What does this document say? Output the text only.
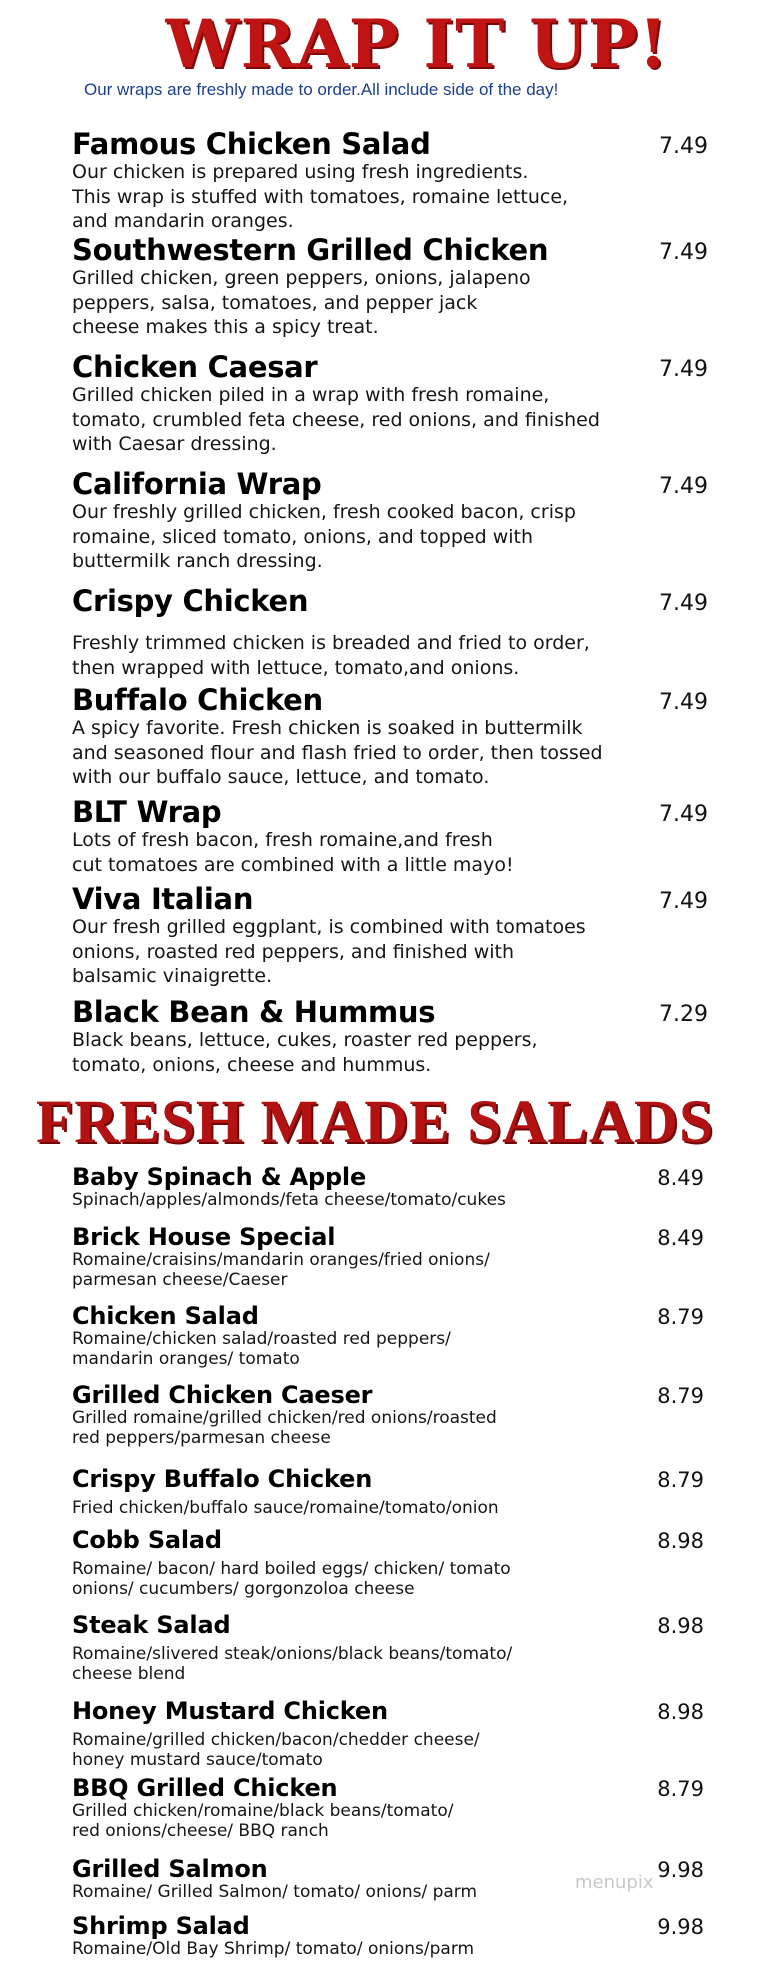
WRAP IT UP!
Our wraps are freshly made to order.All include side of the day!
Famous Chicken Salad	7.49
Our chicken is prepared using fresh ingredients.
This wrap is stuffed with tomatoes, romaine lettuce,
and mandarin oranges.
Southwestern Grilled Chicken	7.49
Grilled chicken, green peppers, onions, jalapeno
peppers, salsa, tomatoes, and pepper jack
cheese makes this a spicy treat.
Chicken Caesar	7.49
Grilled chicken piled in a wrap with fresh romaine,
tomato, crumbled feta cheese, red onions, and finished
with Caesar dressing.
California Wrap	7.49
Our freshly grilled chicken, fresh cooked bacon, crisp
romaine, sliced tomato, onions, and topped with
buttermilk ranch dressing.
Crispy Chicken	7.49
Freshly trimmed chicken is breaded and fried to order,
then wrapped with lettuce, tomato,and onions.
Buffalo Chicken	7.49
A spicy favorite. Fresh chicken is soaked in buttermilk
and seasoned flour and flash fried to order, then tossed
with our buffalo sauce, lettuce, and tomato.
BLT Wrap	7.49
Lots of fresh bacon, fresh romaine,and fresh
cut tomatoes are combined with a little mayo!
Viva Italian	7.49
Our fresh grilled eggplant, is combined with tomatoes
onions, roasted red peppers, and finished with
balsamic vinaigrette.
Black Bean & Hummus	7.29
Black beans, lettuce, cukes, roaster red peppers,
tomato, onions, cheese and hummus.
FRESH MADE SALADS
Baby Spinach & Apple	8.49
Spinach/apples/almonds/feta cheese/tomato/cukes
Brick House Special	8.49
Romaine/craisins/mandarin oranges/fried onions/
parmesan cheese/Caeser
Chicken Salad	8.79
Romaine/chicken salad/roasted red peppers/
mandarin oranges/ tomato
Grilled Chicken Caeser	8.79
Grilled romaine/grilled chicken/red onions/roasted
red peppers/parmesan cheese
Crispy Buffalo Chicken	8.79
Fried chicken/buffalo sauce/romaine/tomato/onion
Cobb Salad	8.98
Romaine/ bacon/ hard boiled eggs/ chicken/ tomato
onions/ cucumbers/ gorgonzoloa cheese
Steak Salad	8.98
Romaine/slivered steak/onions/black beans/tomato/
cheese blend
Honey Mustard Chicken	8.98
Romaine/grilled chicken/bacon/chedder cheese/
honey mustard sauce/tomato
BBQ Grilled Chicken	8.79
Grilled chicken/romaine/black beans/tomato/
red onions/cheese/ BBQ ranch
Grilled Salmon	9.98
Romaine/ Grilled Salmon/ tomato/ onions/ parm
Shrimp Salad	9.98
Romaine/Old Bay Shrimp/ tomato/ onions/parm
menupix
